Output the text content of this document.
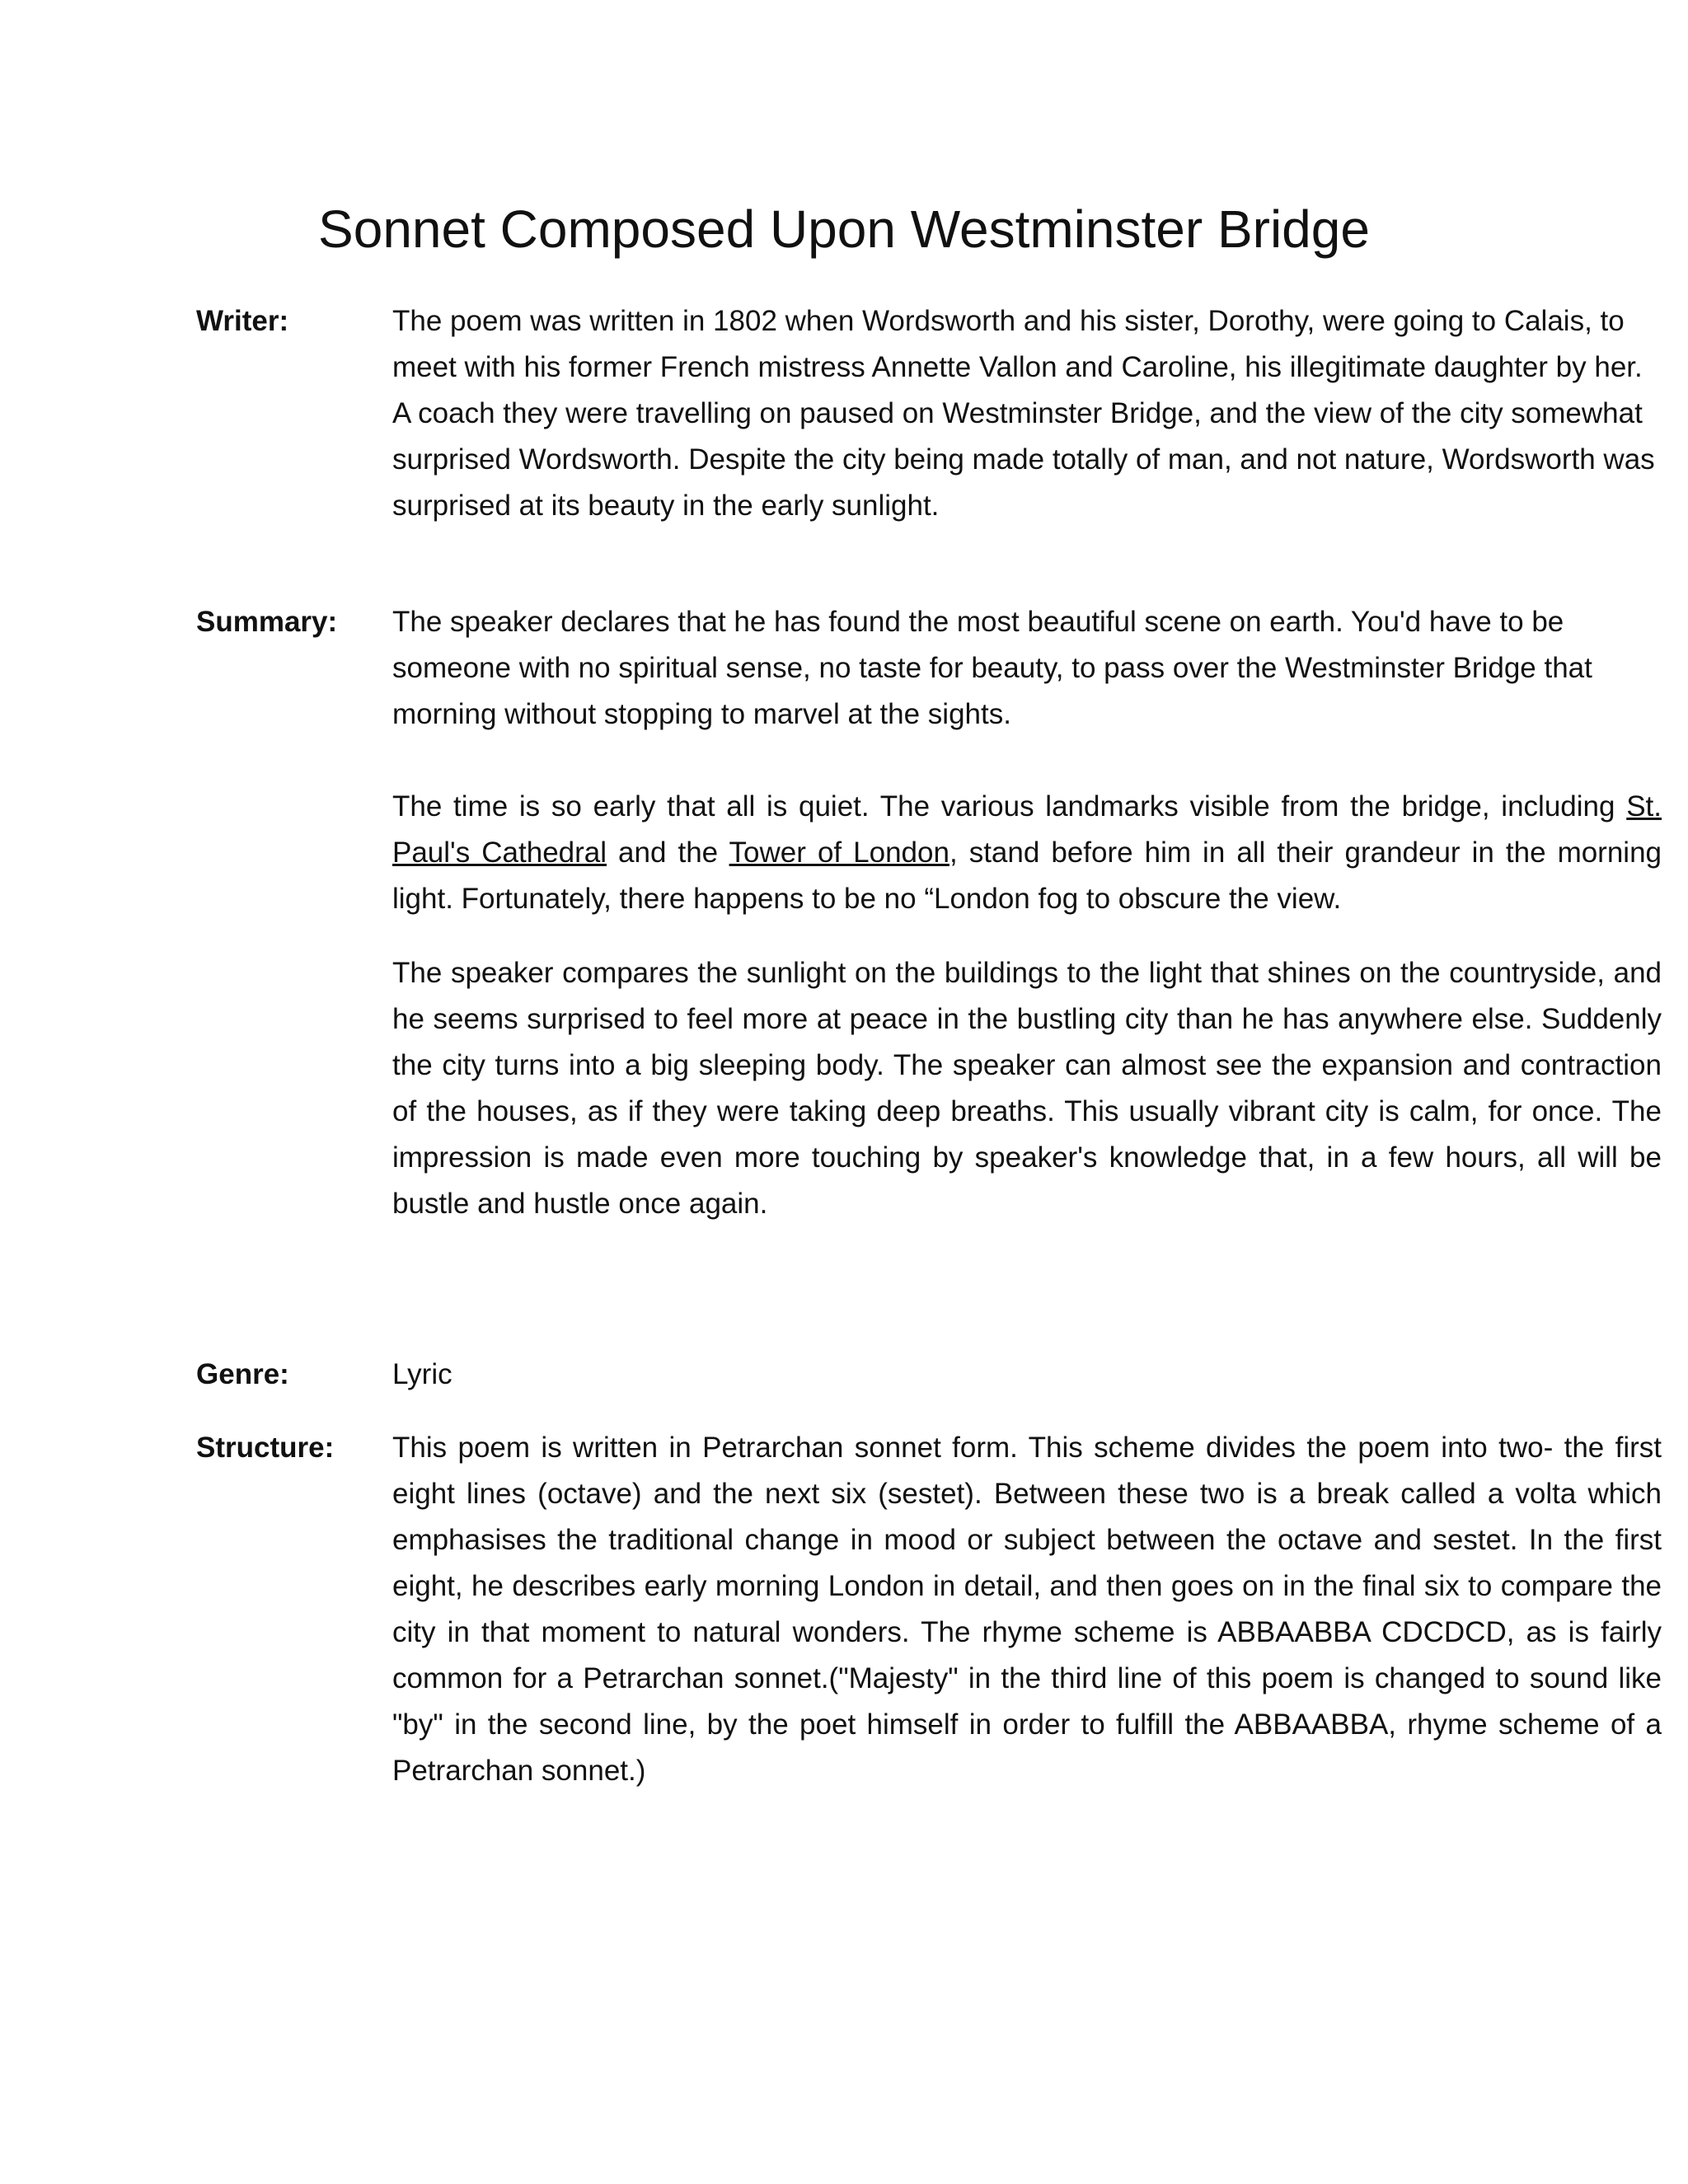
Sonnet Composed Upon Westminster Bridge
Writer:	The poem was written in 1802 when Wordsworth and his sister, Dorothy, were going to Calais, to meet with his former French mistress Annette Vallon and Caroline, his illegitimate daughter by her. A coach they were travelling on paused on Westminster Bridge, and the view of the city somewhat surprised Wordsworth. Despite the city being made totally of man, and not nature, Wordsworth was surprised at its beauty in the early sunlight.

Summary: The speaker declares that he has found the most beautiful scene on earth. You'd have to be someone with no spiritual sense, no taste for beauty, to pass over the Westminster Bridge that morning without stopping to marvel at the sights.

The time is so early that all is quiet. The various landmarks visible from the bridge, including St. Paul's Cathedral and the Tower of London, stand before him in all their grandeur in the morning light. Fortunately, there happens to be no “London fog to obscure the view.

The speaker compares the sunlight on the buildings to the light that shines on the countryside, and he seems surprised to feel more at peace in the bustling city than he has anywhere else. Suddenly the city turns into a big sleeping body. The speaker can almost see the expansion and contraction of the houses, as if they were taking deep breaths. This usually vibrant city is calm, for once. The impression is made even more touching by speaker's knowledge that, in a few hours, all will be bustle and hustle once again.

Genre:	Lyric

Structure: This poem is written in Petrarchan sonnet form. This scheme divides the poem into two- the first eight lines (octave) and the next six (sestet). Between these two is a break called a volta which emphasises the traditional change in mood or subject between the octave and sestet. In the first eight, he describes early morning London in detail, and then goes on in the final six to compare the city in that moment to natural wonders. The rhyme scheme is ABBAABBA CDCDCD, as is fairly common for a Petrarchan sonnet.("Majesty" in the third line of this poem is changed to sound like "by" in the second line, by the poet himself in order to fulfill the ABBAABBA, rhyme scheme of a Petrarchan sonnet.)
